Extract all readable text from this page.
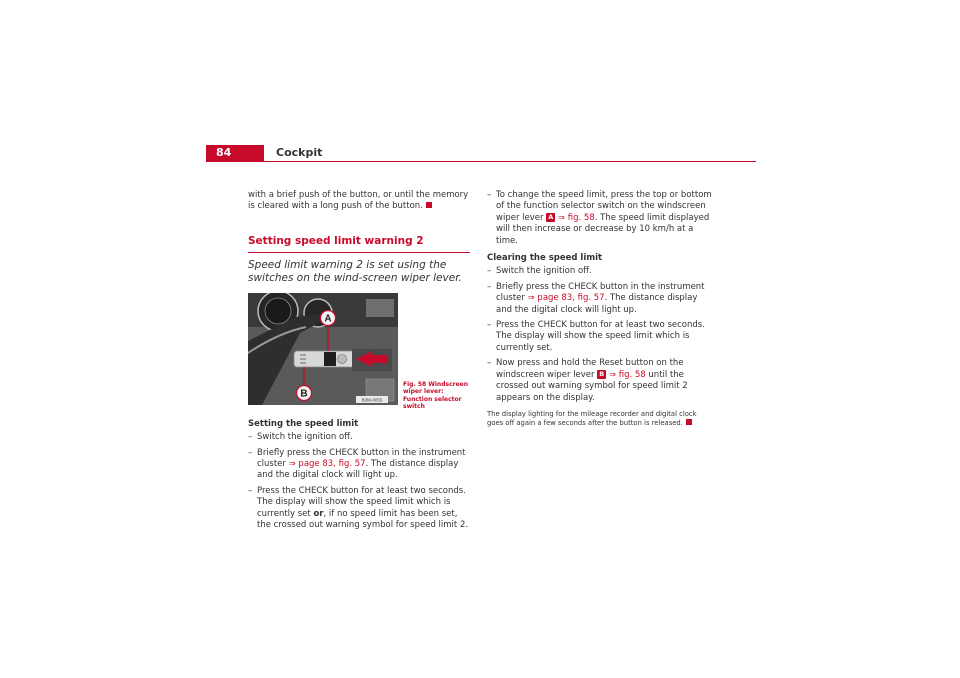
84	Cockpit

with a brief push of the button, or until the memory is cleared with a long push of the button.

Setting speed limit warning 2
Speed limit warning 2 is set using the switches on the wind-screen wiper lever.
A
B
B3M-0055
Fig. 58 Windscreen wiper lever: Function selector switch

Setting the speed limit

– Switch the ignition off.
– Briefly press the CHECK button in the instrument cluster ⇒ page 83, fig. 57. The distance display and the digital clock will light up.
– Press the CHECK button for at least two seconds. The display will show the speed limit which is currently set or, if no speed limit has been set, the crossed out warning symbol for speed limit 2.
– To change the speed limit, press the top or bottom of the function selector switch on the windscreen wiper lever A ⇒ fig. 58. The speed limit displayed will then increase or decrease by 10 km/h at a time.

Clearing the speed limit

– Switch the ignition off.
– Briefly press the CHECK button in the instrument cluster ⇒ page 83, fig. 57. The distance display and the digital clock will light up.
– Press the CHECK button for at least two seconds. The display will show the speed limit which is currently set.
– Now press and hold the Reset button on the windscreen wiper lever B ⇒ fig. 58 until the crossed out warning symbol for speed limit 2 appears on the display.

The display lighting for the mileage recorder and digital clock goes off again a few seconds after the button is released.
